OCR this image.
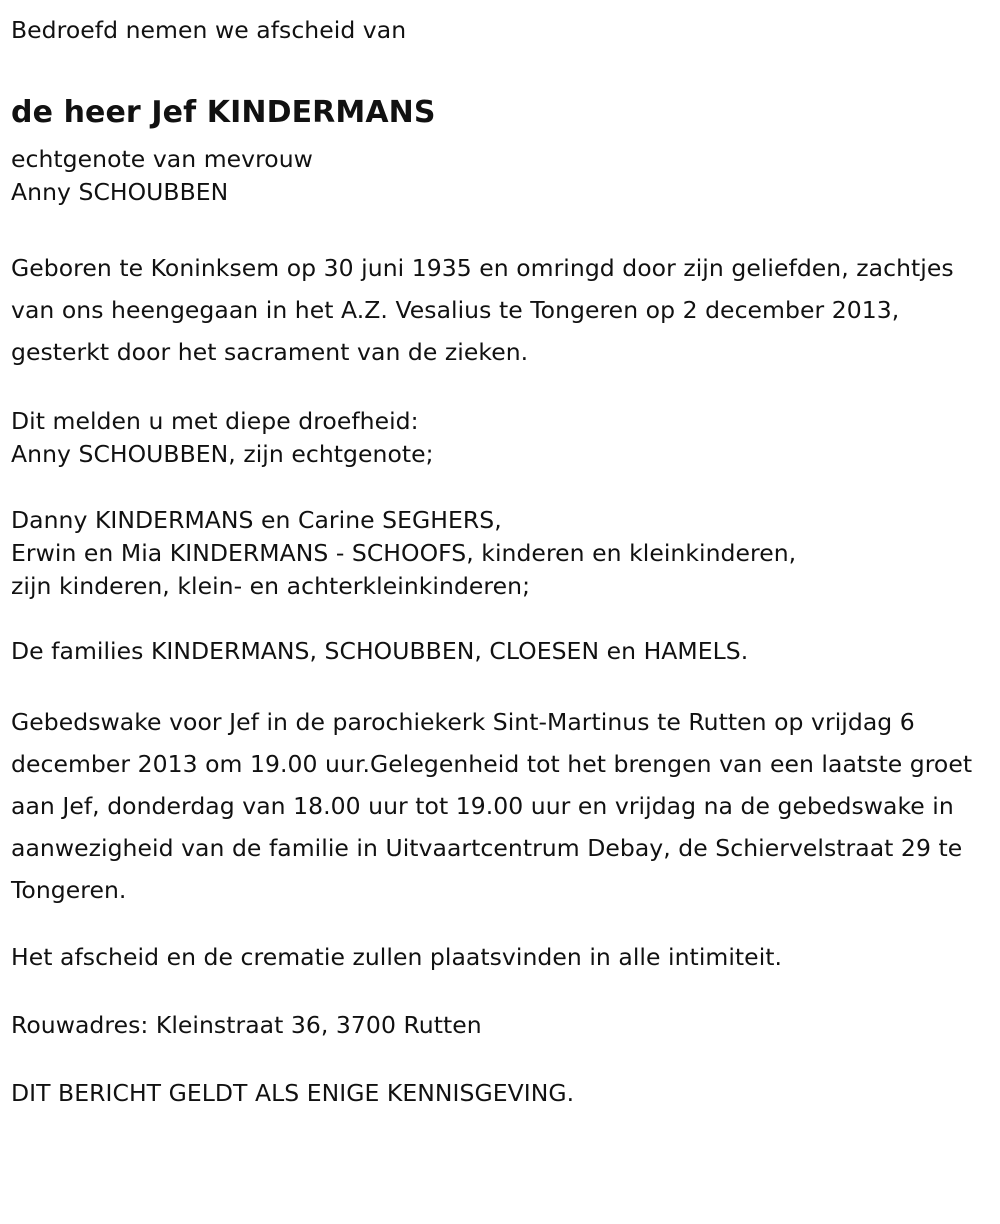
Bedroefd nemen we afscheid van
de heer Jef KINDERMANS
echtgenote van mevrouw
Anny SCHOUBBEN
Geboren te Koninksem op 30 juni 1935 en omringd door zijn geliefden, zachtjes van ons heengegaan in het A.Z. Vesalius te Tongeren op 2 december 2013, gesterkt door het sacrament van de zieken.
Dit melden u met diepe droefheid:
Anny SCHOUBBEN, zijn echtgenote;
Danny KINDERMANS en Carine SEGHERS,
Erwin en Mia KINDERMANS - SCHOOFS, kinderen en kleinkinderen,
zijn kinderen, klein- en achterkleinkinderen;
De families KINDERMANS, SCHOUBBEN, CLOESEN en HAMELS.
Gebedswake voor Jef in de parochiekerk Sint-Martinus te Rutten op vrijdag 6 december 2013 om 19.00 uur.Gelegenheid tot het brengen van een laatste groet aan Jef, donderdag van 18.00 uur tot 19.00 uur en vrijdag na de gebedswake in aanwezigheid van de familie in Uitvaartcentrum Debay, de Schiervelstraat 29 te Tongeren.
Het afscheid en de crematie zullen plaatsvinden in alle intimiteit.
Rouwadres: Kleinstraat 36, 3700 Rutten
DIT BERICHT GELDT ALS ENIGE KENNISGEVING.
